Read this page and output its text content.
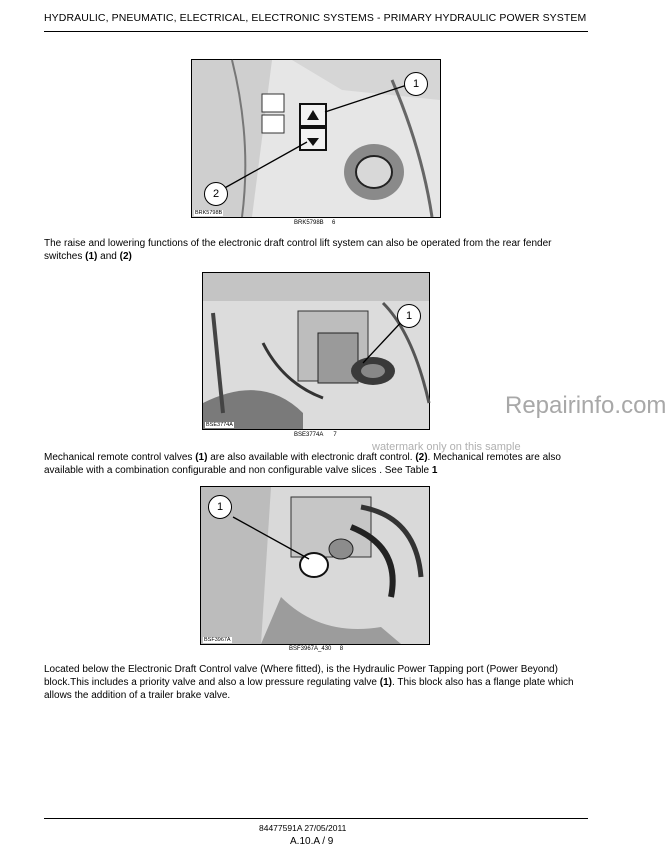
HYDRAULIC, PNEUMATIC, ELECTRICAL, ELECTRONIC SYSTEMS - PRIMARY HYDRAULIC POWER SYSTEM
1
2
BRK5798B
BRK5798B 6
The raise and lowering functions of the electronic draft control lift system can also be operated from the rear fender switches (1) and (2)
1
BSE3774A
BSE3774A 7
Mechanical remote control valves (1) are also available with electronic draft control. (2). Mechanical remotes are also available with a combination configurable and non configurable valve slices . See Table 1
1
BSF3967A
BSF3967A_430 8
Located below the Electronic Draft Control valve (Where fitted), is the Hydraulic Power Tapping port (Power Beyond) block.This includes a priority valve and also a low pressure regulating valve (1). This block also has a flange plate which allows the addition of a trailer brake valve.
Repairinfo.com
watermark only on this sample
84477591A 27/05/2011
A.10.A / 9
